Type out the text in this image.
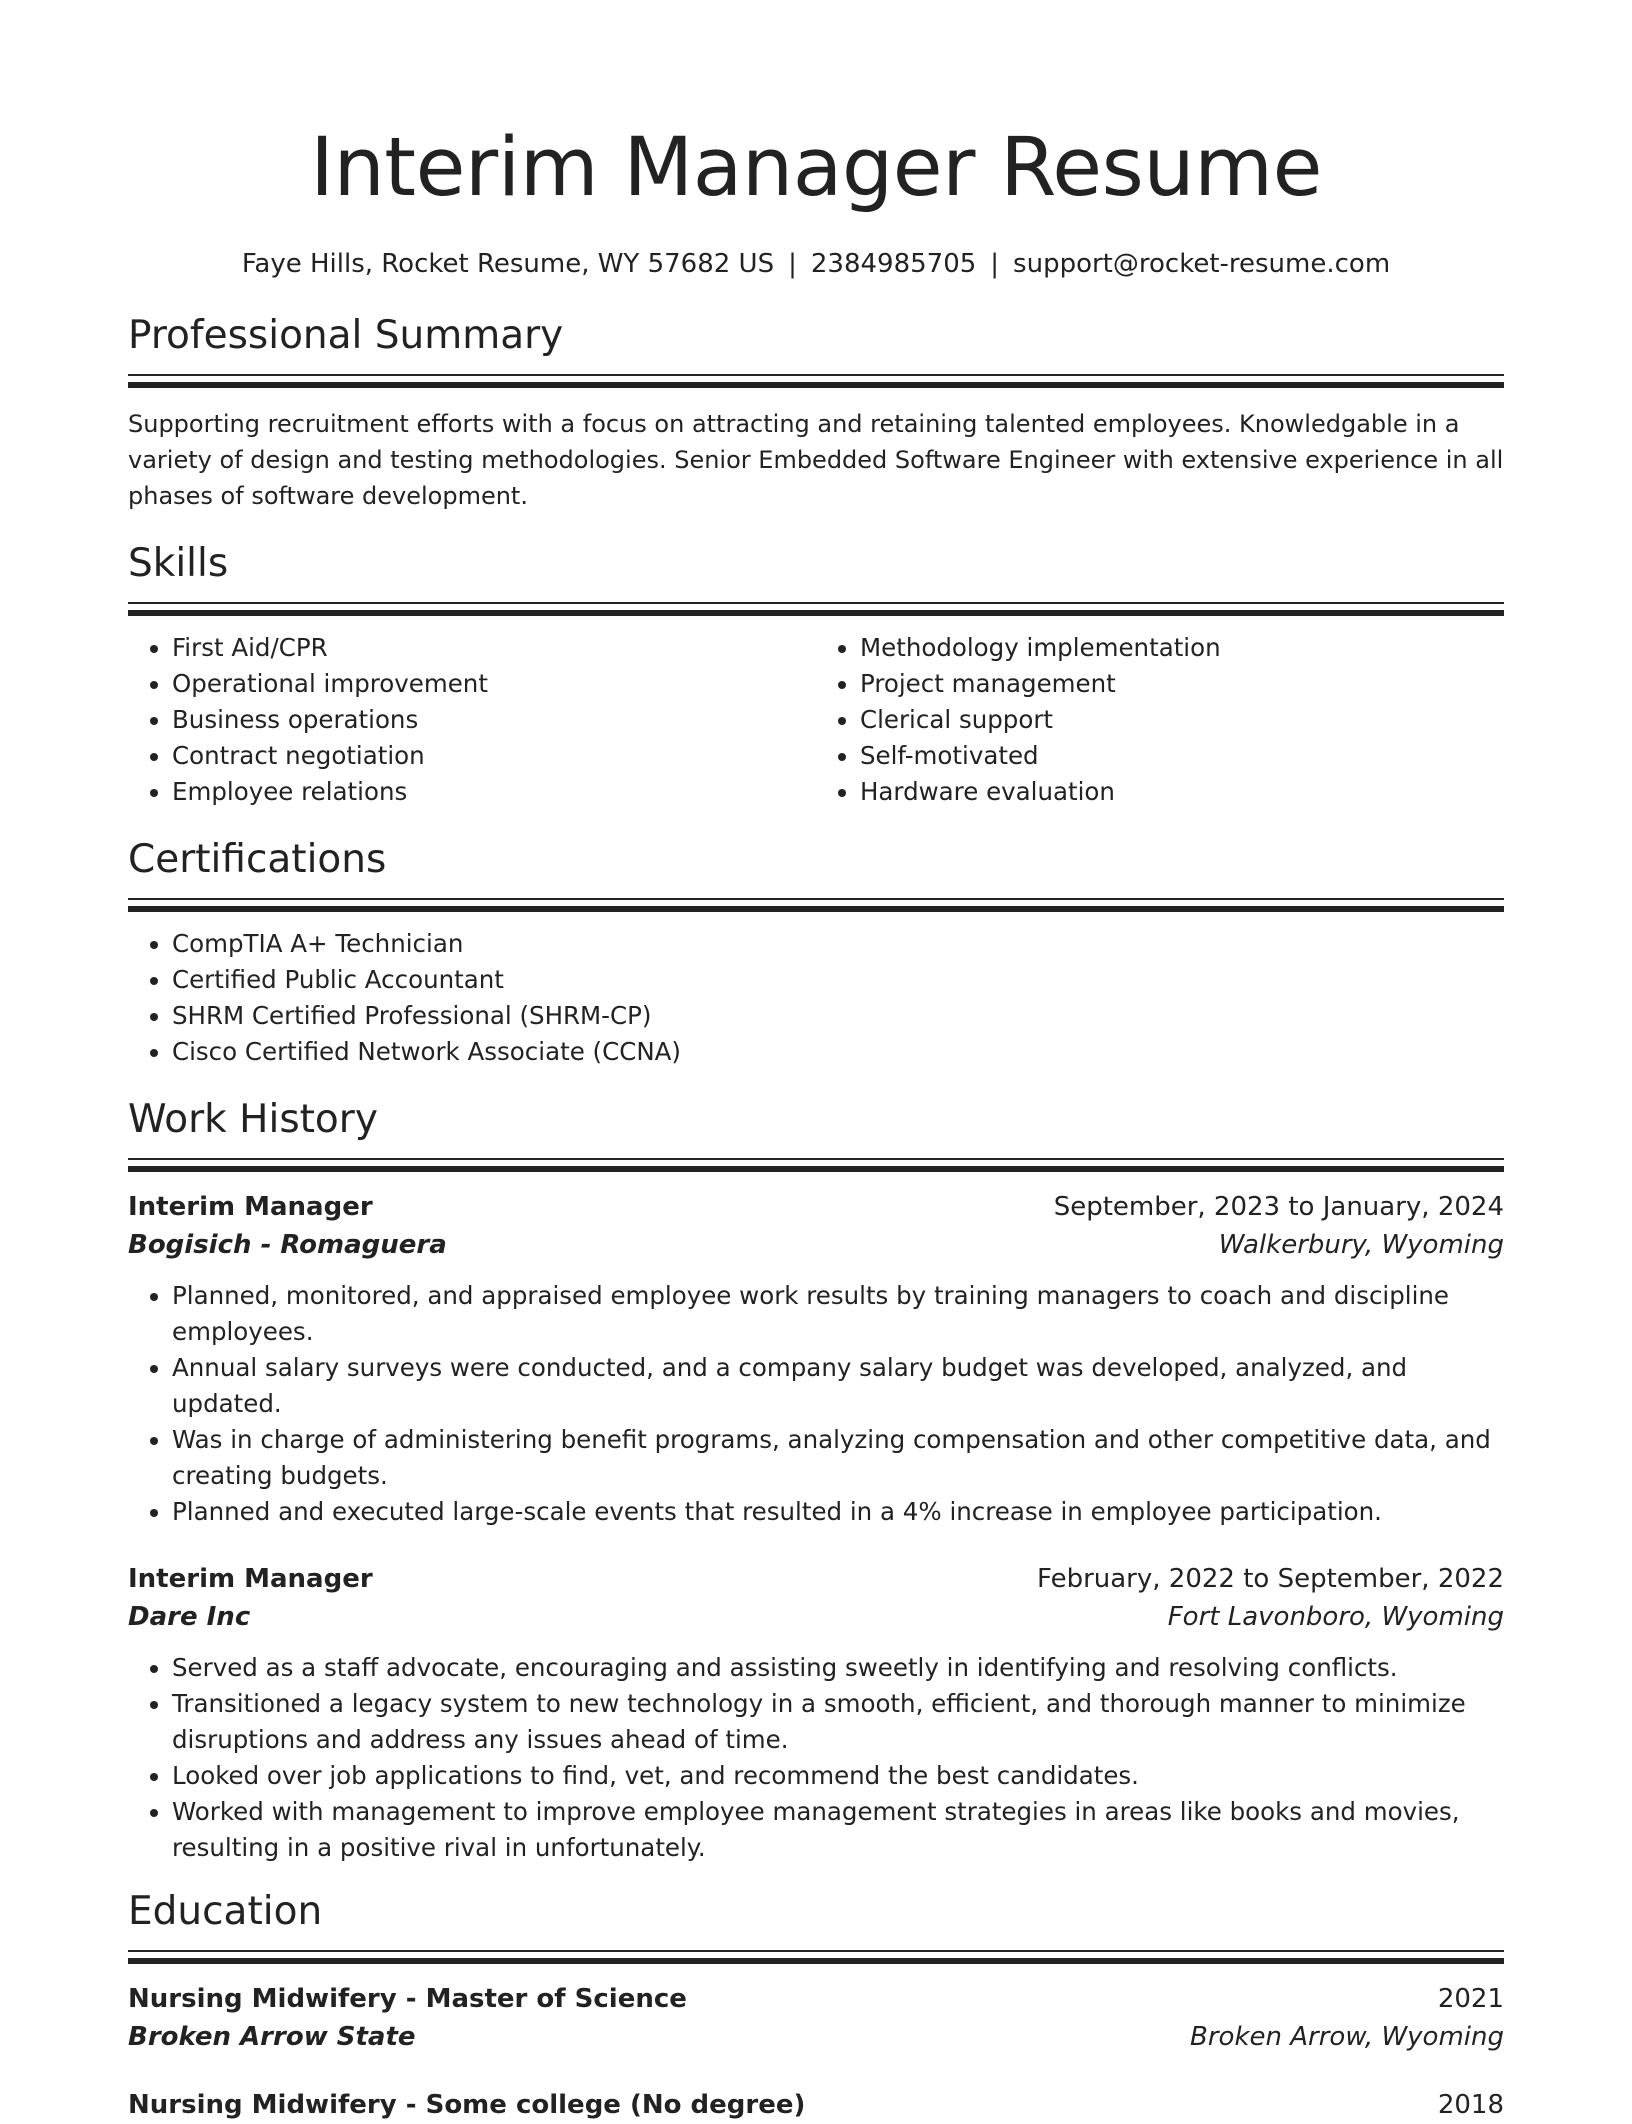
Interim Manager Resume
Faye Hills, Rocket Resume, WY 57682 US | 2384985705 | support@rocket-resume.com
Professional Summary

Supporting recruitment efforts with a focus on attracting and retaining talented employees. Knowledgable in a variety of design and testing methodologies. Senior Embedded Software Engineer with extensive experience in all phases of software development.

Skills
• First Aid/CPR
• Operational improvement
• Business operations
• Contract negotiation
• Employee relations
• Methodology implementation
• Project management
• Clerical support
• Self-motivated
• Hardware evaluation
Certifications
• CompTIA A+ Technician
• Certified Public Accountant
• SHRM Certified Professional (SHRM-CP)
• Cisco Certified Network Associate (CCNA)
Work History
Interim Manager	September, 2023 to January, 2024
Bogisich - Romaguera	Walkerbury, Wyoming
• Planned, monitored, and appraised employee work results by training managers to coach and discipline employees.
• Annual salary surveys were conducted, and a company salary budget was developed, analyzed, and updated.
• Was in charge of administering benefit programs, analyzing compensation and other competitive data, and creating budgets.
• Planned and executed large-scale events that resulted in a 4% increase in employee participation.
Interim Manager	February, 2022 to September, 2022
Dare Inc	Fort Lavonboro, Wyoming
• Served as a staff advocate, encouraging and assisting sweetly in identifying and resolving conflicts.
• Transitioned a legacy system to new technology in a smooth, efficient, and thorough manner to minimize disruptions and address any issues ahead of time.
• Looked over job applications to find, vet, and recommend the best candidates.
• Worked with management to improve employee management strategies in areas like books and movies, resulting in a positive rival in unfortunately.
Education
Nursing Midwifery - Master of Science	2021
Broken Arrow State	Broken Arrow, Wyoming
Nursing Midwifery - Some college (No degree)	2018
